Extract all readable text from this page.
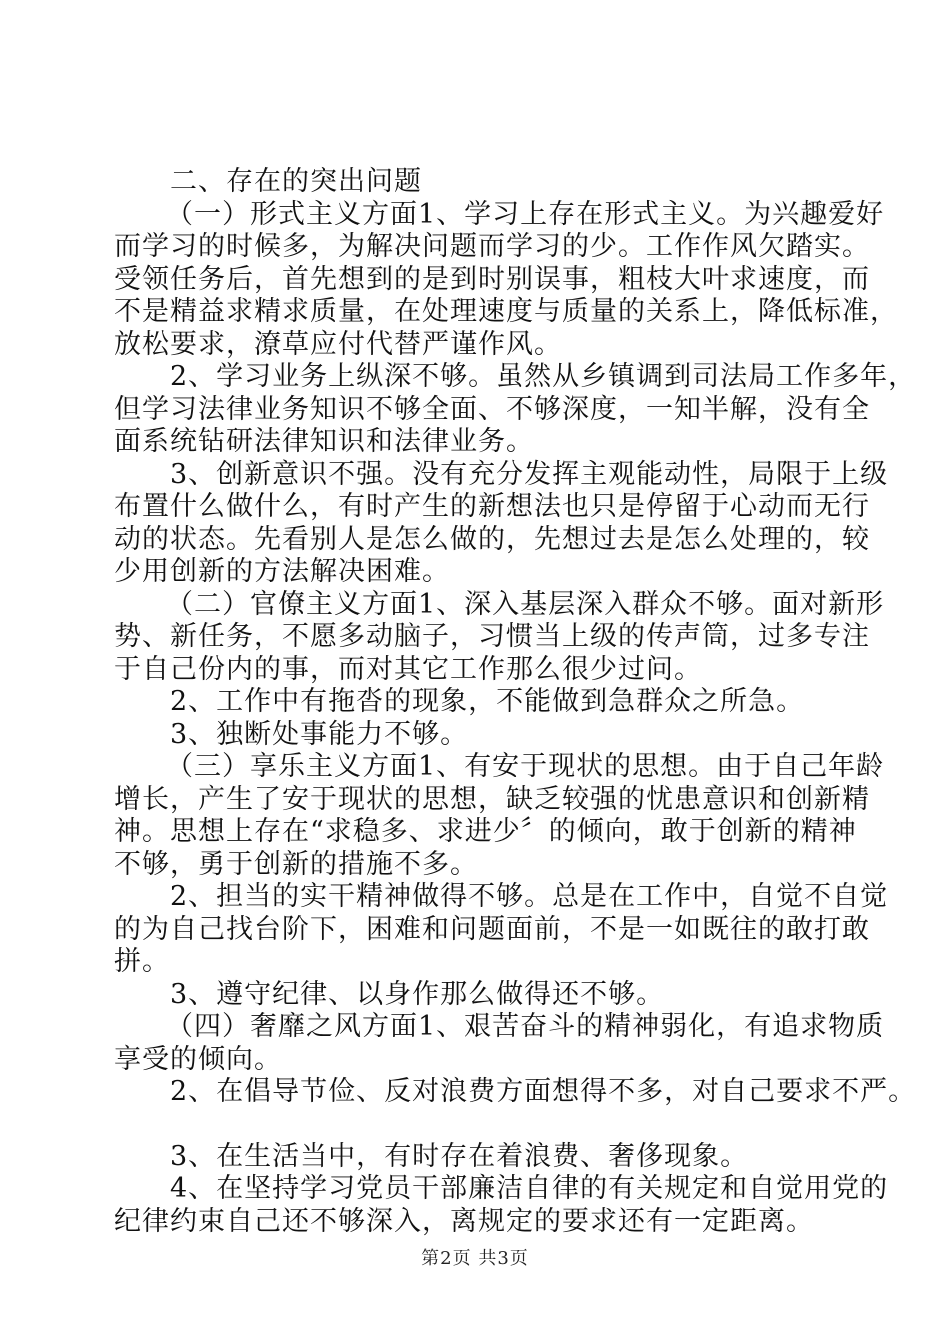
二、存在的突出问题
（一）形式主义方面1、学习上存在形式主义。为兴趣爱好
而学习的时候多，为解决问题而学习的少。工作作风欠踏实。
受领任务后，首先想到的是到时别误事，粗枝大叶求速度，而
不是精益求精求质量，在处理速度与质量的关系上，降低标准，
放松要求，潦草应付代替严谨作风。
2、学习业务上纵深不够。虽然从乡镇调到司法局工作多年，
但学习法律业务知识不够全面、不够深度，一知半解，没有全
面系统钻研法律知识和法律业务。
3、创新意识不强。没有充分发挥主观能动性，局限于上级
布置什么做什么，有时产生的新想法也只是停留于心动而无行
动的状态。先看别人是怎么做的，先想过去是怎么处理的，较
少用创新的方法解决困难。
（二）官僚主义方面1、深入基层深入群众不够。面对新形
势、新任务，不愿多动脑子，习惯当上级的传声筒，过多专注
于自己份内的事，而对其它工作那么很少过问。
2、工作中有拖沓的现象，不能做到急群众之所急。
3、独断处事能力不够。
（三）享乐主义方面1、有安于现状的思想。由于自己年龄
增长，产生了安于现状的思想，缺乏较强的忧患意识和创新精
神。思想上存在“求稳多、求进少〞的倾向，敢于创新的精神
不够，勇于创新的措施不多。
2、担当的实干精神做得不够。总是在工作中，自觉不自觉
的为自己找台阶下，困难和问题面前，不是一如既往的敢打敢
拼。
3、遵守纪律、以身作那么做得还不够。
（四）奢靡之风方面1、艰苦奋斗的精神弱化，有追求物质
享受的倾向。
2、在倡导节俭、反对浪费方面想得不多，对自己要求不严。
3、在生活当中，有时存在着浪费、奢侈现象。
4、在坚持学习党员干部廉洁自律的有关规定和自觉用党的
纪律约束自己还不够深入，离规定的要求还有一定距离。
第2页 共3页
